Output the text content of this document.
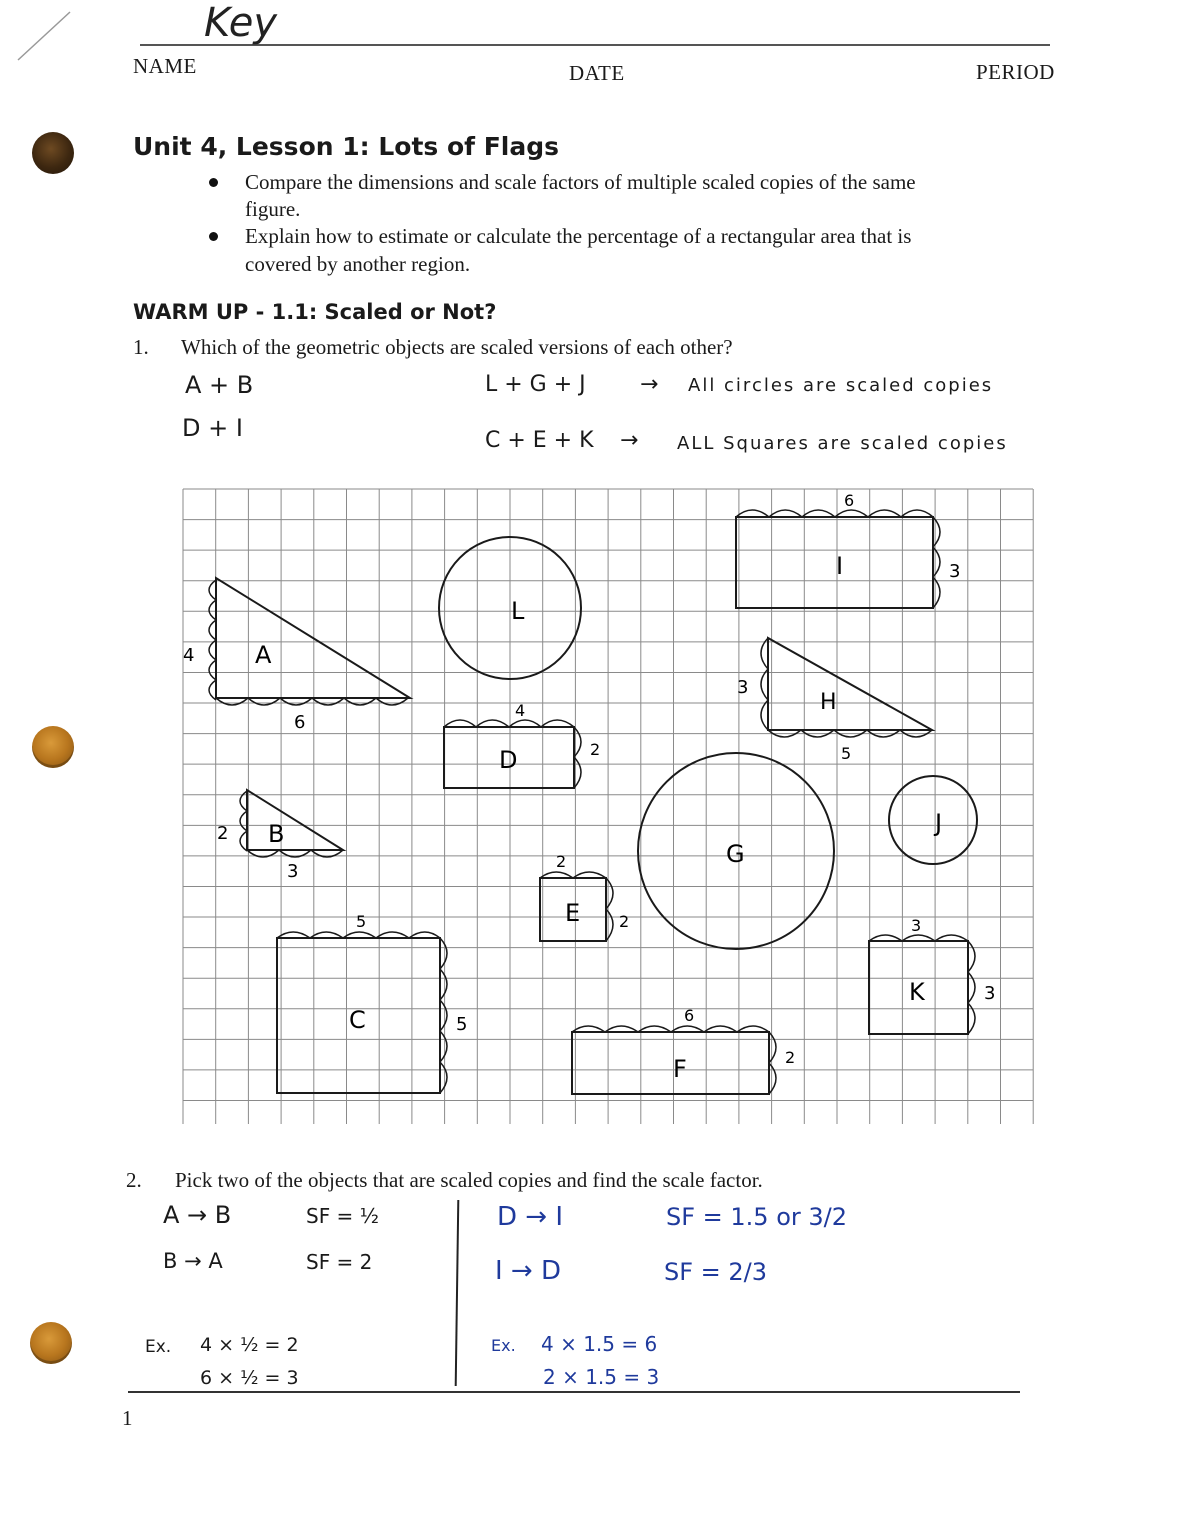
NAME
Key
DATE	PERIOD
Unit 4, Lesson 1: Lots of Flags
Compare the dimensions and scale factors of multiple scaled copies of the same
figure.
Explain how to estimate or calculate the percentage of a rectangular area that is
covered by another region.
WARM UP - 1.1: Scaled or Not?
1. Which of the geometric objects are scaled versions of each other?
A + B
D + I
L + G + J → All circles are scaled copies
C + E + K → ALL Squares are scaled copies
A
4
6
B
2
3
C
5
5
D
4
2
E
2
2
F
6
2
G
H
3
5
I
6
3
J
K
3
3
L
2. Pick two of the objects that are scaled copies and find the scale factor.
A → B	SF = ½
B → A	SF = 2
Ex. 4 × ½ = 2
6 × ½ = 3
D → I	SF = 1.5 or 3/2
I → D	SF = 2/3
Ex. 4 × 1.5 = 6
2 × 1.5 = 3
1
